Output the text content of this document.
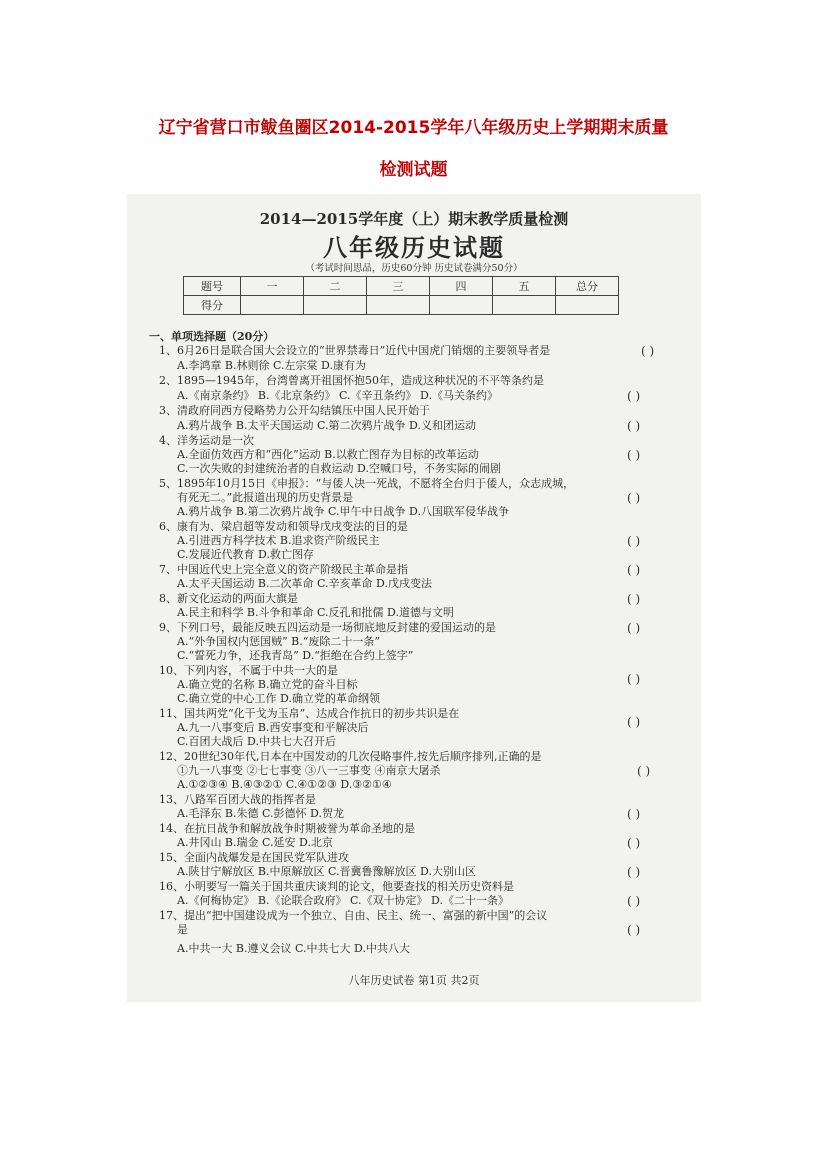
辽宁省营口市鲅鱼圈区2014-2015学年八年级历史上学期期末质量
检测试题
2014—2015学年度（上）期末教学质量检测
八年级历史试题
（考试时间思品，历史60分钟 历史试卷满分50分）
题号	一	二	三	四	五	总分
得分						
一、单项选择题（20分）
1、6月26日是联合国大会设立的“世界禁毒日”近代中国虎门销烟的主要领导者是
A.李鸿章 B.林则徐 C.左宗棠 D.康有为
2、1895—1945年，台湾曾离开祖国怀抱50年，造成这种状况的不平等条约是
A.《南京条约》 B.《北京条约》 C.《辛丑条约》 D.《马关条约》
3、清政府同西方侵略势力公开勾结镇压中国人民开始于
A.鸦片战争 B.太平天国运动 C.第二次鸦片战争 D.义和团运动
4、洋务运动是一次
A.全面仿效西方和“西化”运动 B.以救亡图存为目标的改革运动
C.一次失败的封建统治者的自救运动 D.空喊口号，不务实际的闹剧
5、1895年10月15日《申报》：“与倭人决一死战，不愿将全台归于倭人，众志成城，
有死无二。”此报道出现的历史背景是
A.鸦片战争 B.第二次鸦片战争 C.甲午中日战争 D.八国联军侵华战争
6、康有为、梁启超等发动和领导戊戌变法的目的是
A.引进西方科学技术 B.追求资产阶级民主
C.发展近代教育 D.救亡图存
7、中国近代史上完全意义的资产阶级民主革命是指
A.太平天国运动 B.二次革命 C.辛亥革命 D.戊戌变法
8、新文化运动的两面大旗是
A.民主和科学 B.斗争和革命 C.反孔和批儒 D.道德与文明
9、下列口号，最能反映五四运动是一场彻底地反封建的爱国运动的是
A.“外争国权内惩国贼” B.“废除二十一条”
C.“誓死力争，还我青岛” D.“拒绝在合约上签字”
10、下列内容，不属于中共一大的是
A.确立党的名称 B.确立党的奋斗目标
C.确立党的中心工作 D.确立党的革命纲领
11、国共两党“化干戈为玉帛”、达成合作抗日的初步共识是在
A.九一八事变后 B.西安事变和平解决后
C.百团大战后 D.中共七大召开后
12、20世纪30年代,日本在中国发动的几次侵略事件,按先后顺序排列,正确的是
①九一八事变 ②七七事变 ③八一三事变 ④南京大屠杀
A.①②③④ B.④③②① C.④①②③ D.③②①④
13、八路军百团大战的指挥者是
A.毛泽东 B.朱德 C.彭德怀 D.贺龙
14、在抗日战争和解放战争时期被誉为革命圣地的是
A.井冈山 B.瑞金 C.延安 D.北京
15、全面内战爆发是在国民党军队进攻
A.陕甘宁解放区 B.中原解放区 C.晋冀鲁豫解放区 D.大别山区
16、小明要写一篇关于国共重庆谈判的论文，他要查找的相关历史资料是
A.《何梅协定》 B.《论联合政府》 C.《双十协定》 D.《二十一条》
17、提出“把中国建设成为一个独立、自由、民主、统一、富强的新中国”的会议
是
A.中共一大 B.遵义会议 C.中共七大 D.中共八大
( )
( )
( )
( )
( )
( )
( )
( )
( )
( )
( )
( )
( )
( )
( )
( )
( )
八年历史试卷 第1页 共2页
